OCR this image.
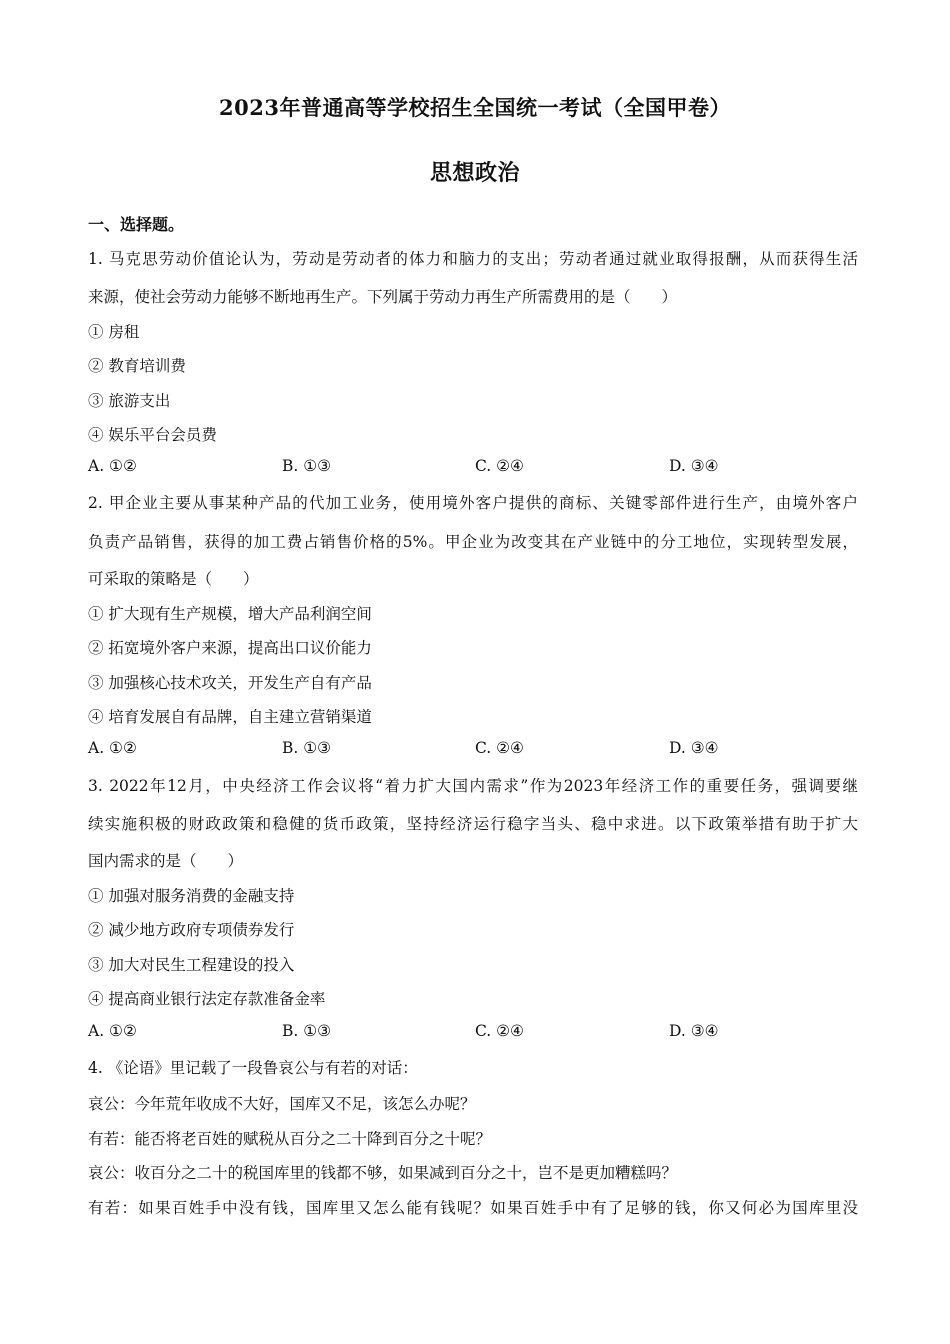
2023年普通高等学校招生全国统一考试（全国甲卷）
思想政治
一、选择题。
1. 马克思劳动价值论认为，劳动是劳动者的体力和脑力的支出；劳动者通过就业取得报酬，从而获得生活
来源，使社会劳动力能够不断地再生产。下列属于劳动力再生产所需费用的是（　　）
① 房租
② 教育培训费
③ 旅游支出
④ 娱乐平台会员费
A. ①②	B. ①③	C. ②④	D. ③④
2. 甲企业主要从事某种产品的代加工业务，使用境外客户提供的商标、关键零部件进行生产，由境外客户
负责产品销售，获得的加工费占销售价格的5%。甲企业为改变其在产业链中的分工地位，实现转型发展，
可采取的策略是（　　）
① 扩大现有生产规模，增大产品利润空间
② 拓宽境外客户来源，提高出口议价能力
③ 加强核心技术攻关，开发生产自有产品
④ 培育发展自有品牌，自主建立营销渠道
A. ①②	B. ①③	C. ②④	D. ③④
3. 2022年12月，中央经济工作会议将“着力扩大国内需求”作为2023年经济工作的重要任务，强调要继
续实施积极的财政政策和稳健的货币政策，坚持经济运行稳字当头、稳中求进。以下政策举措有助于扩大
国内需求的是（　　）
① 加强对服务消费的金融支持
② 减少地方政府专项债券发行
③ 加大对民生工程建设的投入
④ 提高商业银行法定存款准备金率
A. ①②	B. ①③	C. ②④	D. ③④
4. 《论语》里记载了一段鲁哀公与有若的对话：
哀公：今年荒年收成不大好，国库又不足，该怎么办呢？
有若：能否将老百姓的赋税从百分之二十降到百分之十呢？
哀公：收百分之二十的税国库里的钱都不够，如果减到百分之十，岂不是更加糟糕吗？
有若：如果百姓手中没有钱，国库里又怎么能有钱呢？如果百姓手中有了足够的钱，你又何必为国库里没
